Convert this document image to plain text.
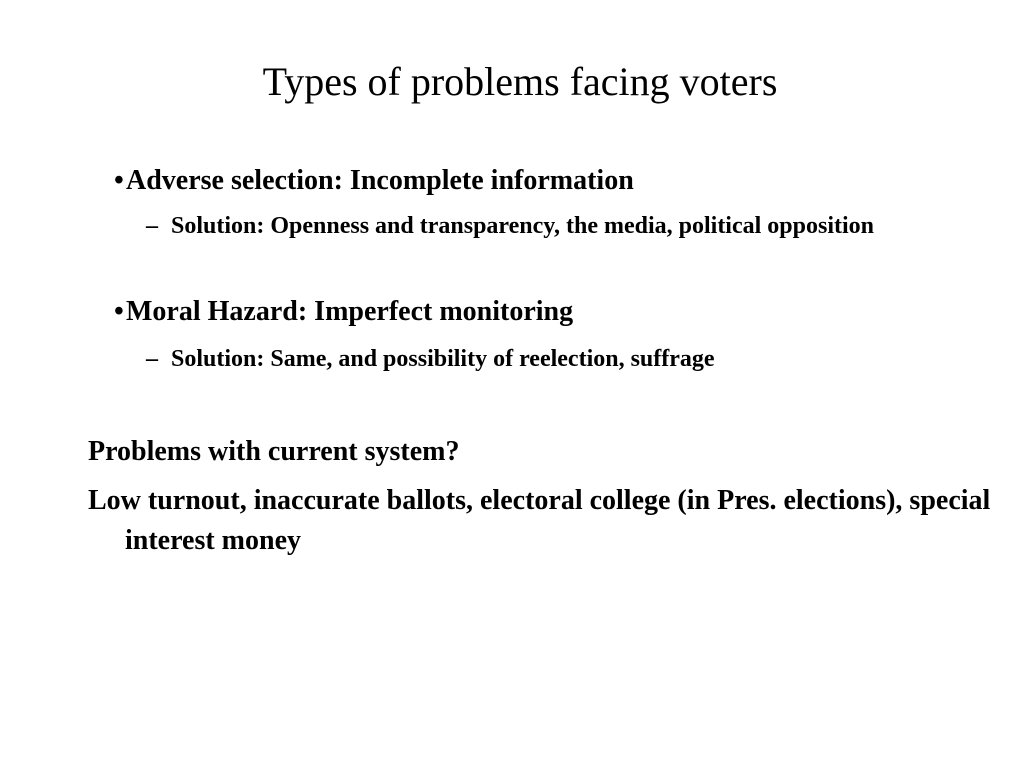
Types of problems facing voters
• Adverse selection: Incomplete information
– Solution: Openness and transparency, the media, political opposition
• Moral Hazard: Imperfect monitoring
– Solution: Same, and possibility of reelection, suffrage

Problems with current system?

Low turnout, inaccurate ballots, electoral college (in Pres. elections), special interest money
